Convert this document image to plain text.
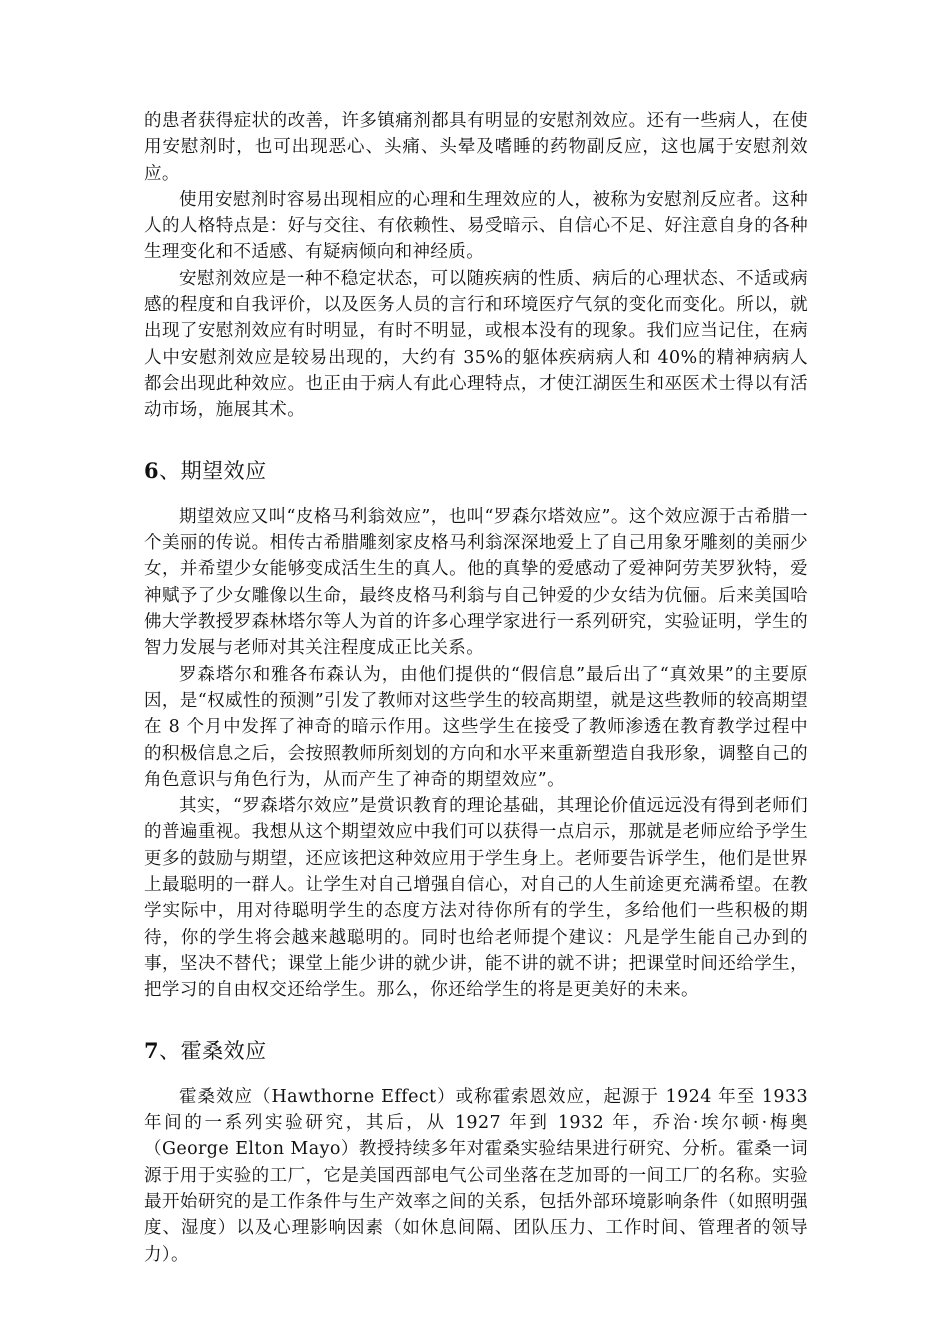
的患者获得症状的改善，许多镇痛剂都具有明显的安慰剂效应。还有一些病人，在使用安慰剂时，也可出现恶心、头痛、头晕及嗜睡的药物副反应，这也属于安慰剂效应。

使用安慰剂时容易出现相应的心理和生理效应的人，被称为安慰剂反应者。这种人的人格特点是：好与交往、有依赖性、易受暗示、自信心不足、好注意自身的各种生理变化和不适感、有疑病倾向和神经质。

安慰剂效应是一种不稳定状态，可以随疾病的性质、病后的心理状态、不适或病感的程度和自我评价，以及医务人员的言行和环境医疗气氛的变化而变化。所以，就出现了安慰剂效应有时明显，有时不明显，或根本没有的现象。我们应当记住，在病人中安慰剂效应是较易出现的，大约有 35%的躯体疾病病人和 40%的精神病病人都会出现此种效应。也正由于病人有此心理特点，才使江湖医生和巫医术士得以有活动市场，施展其术。

6、期望效应

期望效应又叫“皮格马利翁效应”，也叫“罗森尔塔效应”。这个效应源于古希腊一个美丽的传说。相传古希腊雕刻家皮格马利翁深深地爱上了自己用象牙雕刻的美丽少女，并希望少女能够变成活生生的真人。他的真挚的爱感动了爱神阿劳芙罗狄特，爱神赋予了少女雕像以生命，最终皮格马利翁与自己钟爱的少女结为伉俪。后来美国哈佛大学教授罗森林塔尔等人为首的许多心理学家进行一系列研究，实验证明，学生的智力发展与老师对其关注程度成正比关系。

罗森塔尔和雅各布森认为，由他们提供的“假信息”最后出了“真效果”的主要原因，是“权威性的预测”引发了教师对这些学生的较高期望，就是这些教师的较高期望在 8 个月中发挥了神奇的暗示作用。这些学生在接受了教师渗透在教育教学过程中的积极信息之后，会按照教师所刻划的方向和水平来重新塑造自我形象，调整自己的角色意识与角色行为，从而产生了神奇的期望效应”。

其实，“罗森塔尔效应”是赏识教育的理论基础，其理论价值远远没有得到老师们的普遍重视。我想从这个期望效应中我们可以获得一点启示，那就是老师应给予学生更多的鼓励与期望，还应该把这种效应用于学生身上。老师要告诉学生，他们是世界上最聪明的一群人。让学生对自己增强自信心，对自己的人生前途更充满希望。在教学实际中，用对待聪明学生的态度方法对待你所有的学生，多给他们一些积极的期待，你的学生将会越来越聪明的。同时也给老师提个建议：凡是学生能自己办到的事，坚决不替代；课堂上能少讲的就少讲，能不讲的就不讲；把课堂时间还给学生，把学习的自由权交还给学生。那么，你还给学生的将是更美好的未来。

7、霍桑效应

霍桑效应（Hawthorne Effect）或称霍索恩效应，起源于 1924 年至 1933 年间的一系列实验研究，其后，从 1927 年到 1932 年，乔治·埃尔顿·梅奥（George Elton Mayo）教授持续多年对霍桑实验结果进行研究、分析。霍桑一词源于用于实验的工厂，它是美国西部电气公司坐落在芝加哥的一间工厂的名称。实验最开始研究的是工作条件与生产效率之间的关系，包括外部环境影响条件（如照明强度、湿度）以及心理影响因素（如休息间隔、团队压力、工作时间、管理者的领导力）。
